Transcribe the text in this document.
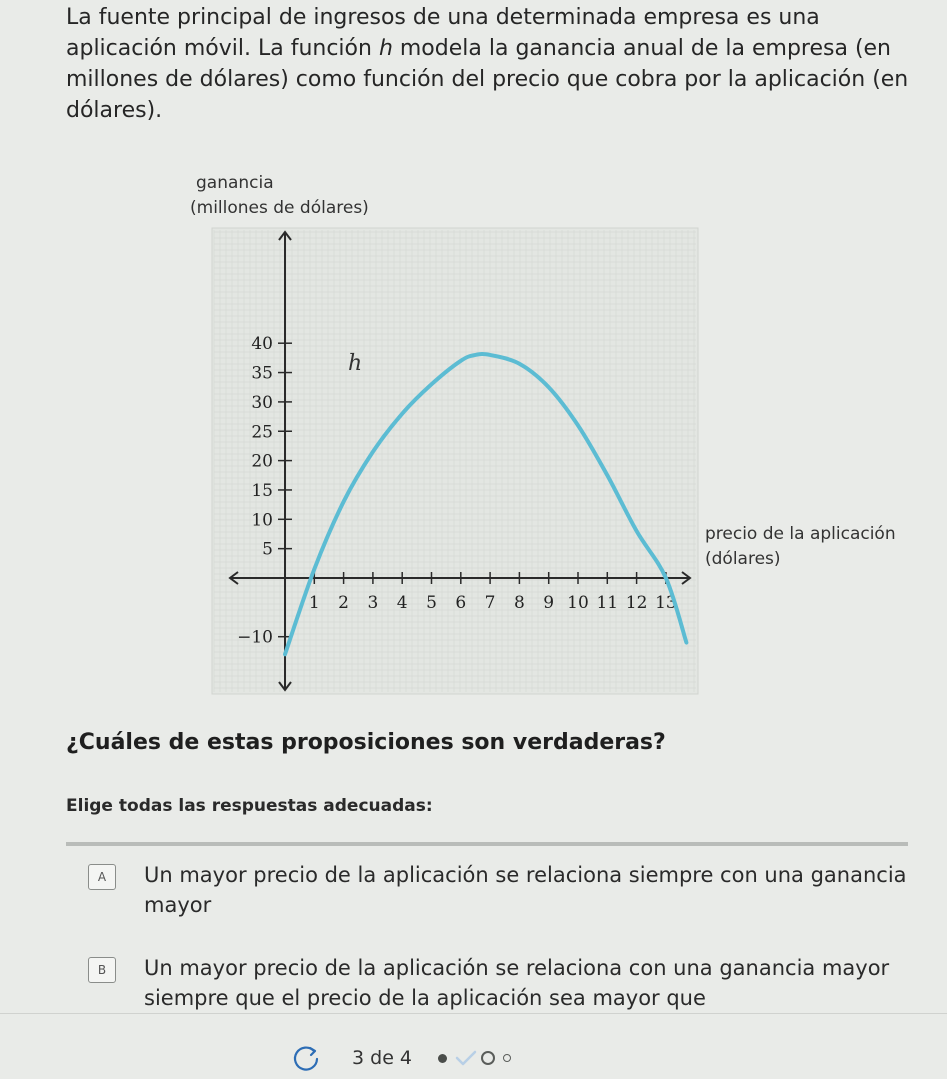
La fuente principal de ingresos de una determinada empresa es una aplicación móvil. La función ℎ modela la ganancia anual de la empresa (en millones de dólares) como función del precio que cobra por la aplicación (en dólares).
1 2 3 4 5 6 7 8 9 10 11 12 13
−10
5
10
15
20
25
30
35
40
h
ganancia
(millones de dólares)
precio de la aplicación
(dólares)
¿Cuáles de estas proposiciones son verdaderas?
Elige todas las respuestas adecuadas:
A	Un mayor precio de la aplicación se relaciona siempre con una ganancia mayor
B	Un mayor precio de la aplicación se relaciona con una ganancia mayor siempre que el precio de la aplicación sea mayor que
3 de 4
